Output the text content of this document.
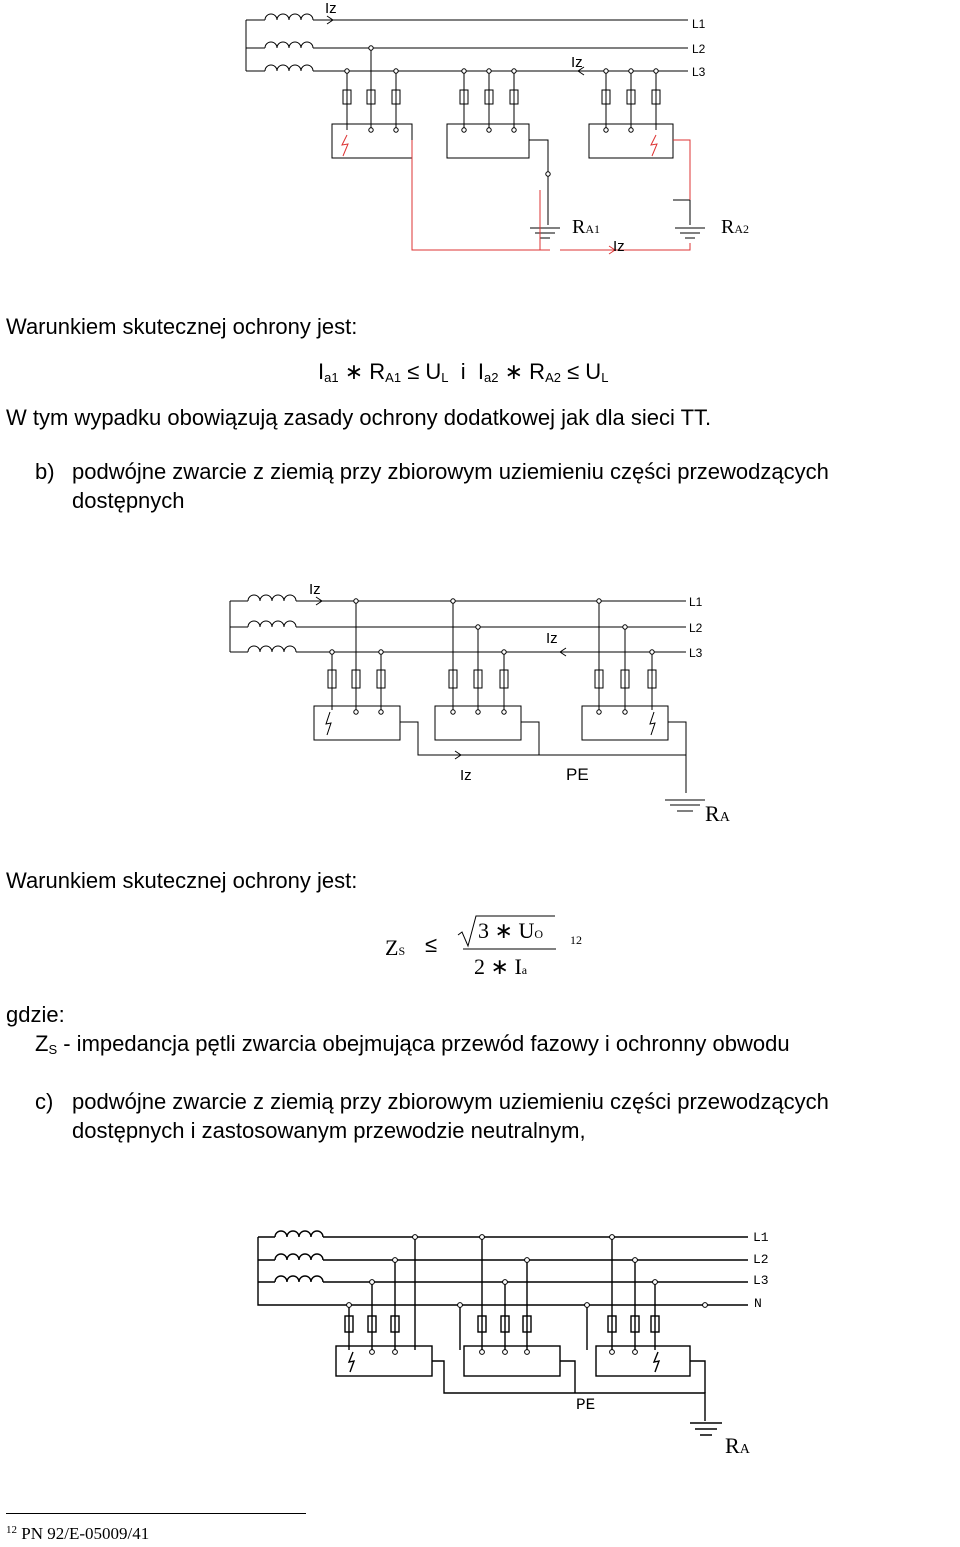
Iz
Iz
Iz
L1
L2
L3
RA1	RA2
Warunkiem skutecznej ochrony jest:
$I_{a1}$ ∗ $R_{A1} \le U_L$ i $I_{a2}$ ∗ $R_{A2} \le U_L$
W tym wypadku obowiązują zasady ochrony dodatkowej jak dla sieci TT.
b) podwójne zwarcie z ziemią przy zbiorowym uziemieniu części przewodzących
dostępnych
Iz
Iz
Iz	PE
L1
L2
L3
RA
Warunkiem skutecznej ochrony jest:
ZS ≤
3 ∗ UO
2 ∗ Ia
12
gdzie:
$Z_S$ - impedancja pętli zwarcia obejmująca przewód fazowy i ochronny obwodu
c) podwójne zwarcie z ziemią przy zbiorowym uziemieniu części przewodzących
dostępnych i zastosowanym przewodzie neutralnym,
L1
L2
L3
N
PE
RA
$^{12}$ PN 92/E-05009/41
